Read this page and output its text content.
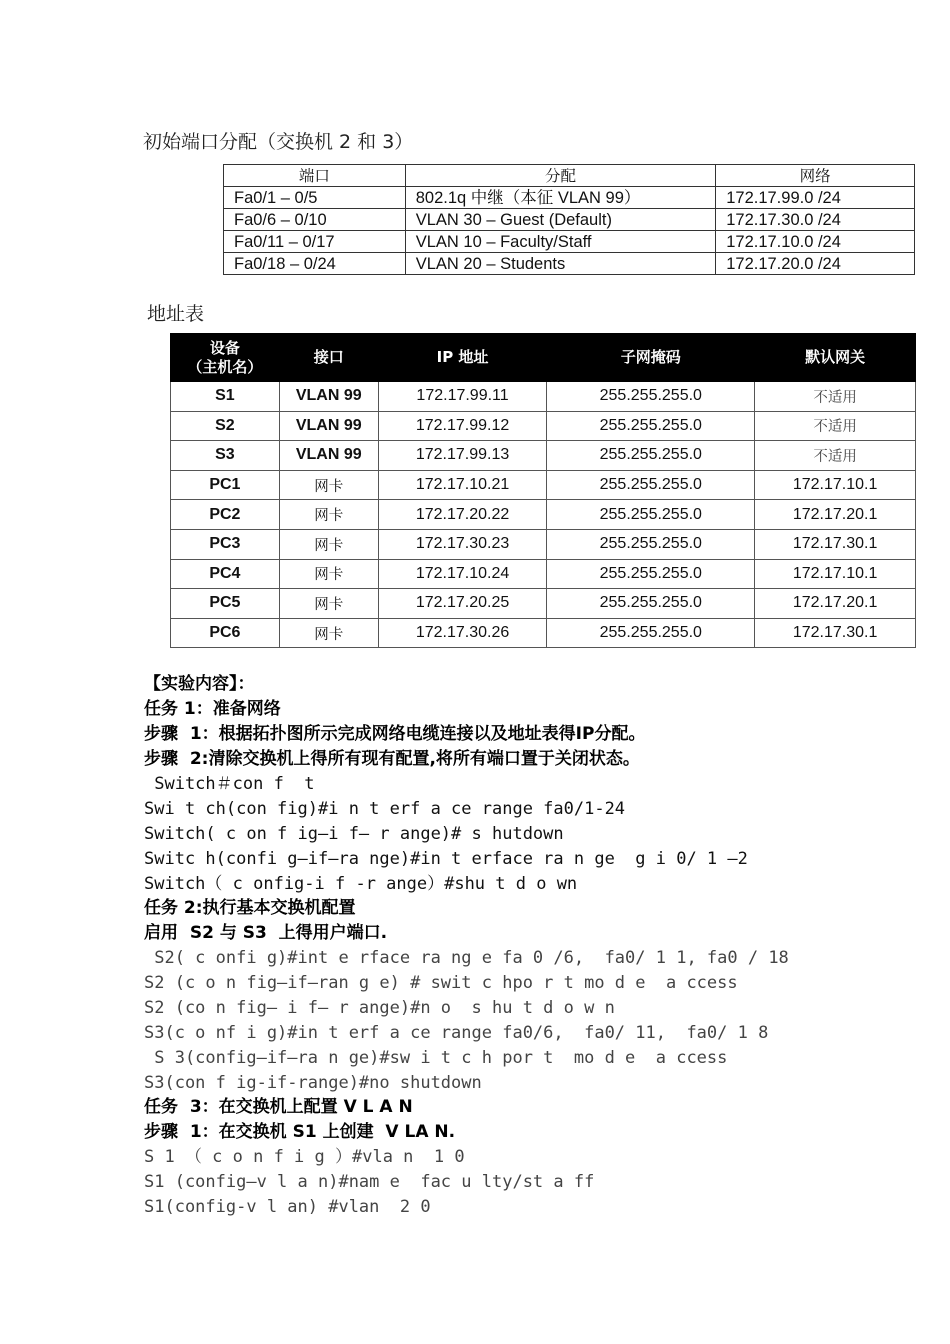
初始端口分配（交换机 2 和 3）
端口	分配	网络
Fa0/1 – 0/5	802.1q 中继（本征 VLAN 99）	172.17.99.0 /24
Fa0/6 – 0/10	VLAN 30 – Guest (Default)	172.17.30.0 /24
Fa0/11 – 0/17	VLAN 10 – Faculty/Staff	172.17.10.0 /24
Fa0/18 – 0/24	VLAN 20 – Students	172.17.20.0 /24
地址表
设备
（主机名）	接口	IP 地址	子网掩码	默认网关
S1	VLAN 99	172.17.99.11	255.255.255.0	不适用
S2	VLAN 99	172.17.99.12	255.255.255.0	不适用
S3	VLAN 99	172.17.99.13	255.255.255.0	不适用
PC1	网卡	172.17.10.21	255.255.255.0	172.17.10.1
PC2	网卡	172.17.20.22	255.255.255.0	172.17.20.1
PC3	网卡	172.17.30.23	255.255.255.0	172.17.30.1
PC4	网卡	172.17.10.24	255.255.255.0	172.17.10.1
PC5	网卡	172.17.20.25	255.255.255.0	172.17.20.1
PC6	网卡	172.17.30.26	255.255.255.0	172.17.30.1
【实验内容】：
任务 1：准备网络
步骤  1：根据拓扑图所示完成网络电缆连接以及地址表得IP分配。
步骤  2:清除交换机上得所有现有配置,将所有端口置于关闭状态。
Switch＃con f  t
Swi t ch(con fig)#i n t erf a ce range fa0/1-24
Switch( c on f ig—i f— r ange)# s hutdown
Switc h(confi g—if—ra nge)#in t erface ra n ge  g i 0/ 1 —2
Switch（ c onfig-i f -r ange）#shu t d o wn
任务 2:执行基本交换机配置
启用  S2 与 S3  上得用户端口.
S2( c onfi g)#int e rface ra ng e fa 0 /6,  fa0/ 1 1, fa0 / 18
S2 (c o n fig—if—ran g e) # swit c hpo r t mo d e  a ccess
S2 (co n fig— i f— r ange)#n o  s hu t d o w n
S3(c o nf i g)#in t erf a ce range fa0/6,  fa0/ 11,  fa0/ 1 8
S 3(config—if—ra n ge)#sw i t c h por t  mo d e  a ccess
S3(con f ig-if-range)#no shutdown
任务  3：在交换机上配置 V L A N
步骤  1：在交换机 S1 上创建  V LA N.
S 1 （ c o n f i g ）#vla n  1 0
S1 (config—v l a n)#nam e  fac u lty/st a ff
S1(config-v l an) #vlan  2 0
